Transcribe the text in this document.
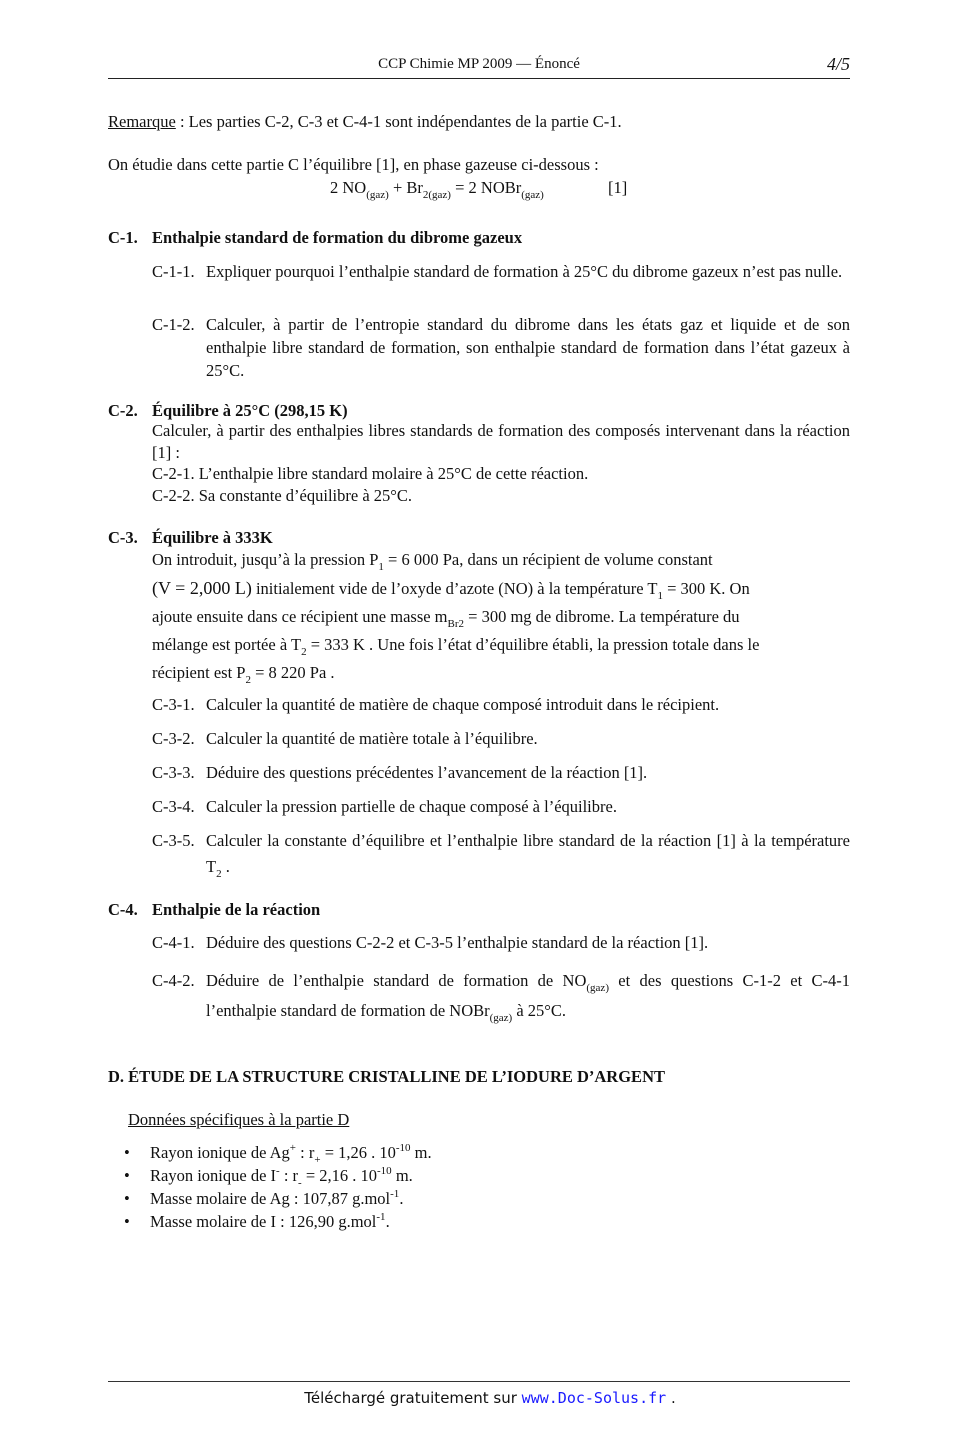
CCP Chimie MP 2009 — Énoncé	4/5
Remarque : Les parties C-2, C-3 et C-4-1 sont indépendantes de la partie C-1.
On étudie dans cette partie C l’équilibre [1], en phase gazeuse ci-dessous :
2 $NO_{(gaz)} + Br_{2(gaz)} = 2$ NOBr$_{(gaz)}$	[1]
C-1. Enthalpie standard de formation du dibrome gazeux
C-1-1. Expliquer pourquoi l’enthalpie standard de formation à 25°C du dibrome gazeux n’est pas nulle.
C-1-2. Calculer, à partir de l’entropie standard du dibrome dans les états gaz et liquide et de son enthalpie libre standard de formation, son enthalpie standard de formation dans l’état gazeux à 25°C.
C-2. Équilibre à 25°C (298,15 K)
Calculer, à partir des enthalpies libres standards de formation des composés intervenant dans la réaction [1] :
C-2-1. L’enthalpie libre standard molaire à 25°C de cette réaction.
C-2-2. Sa constante d’équilibre à 25°C.
C-3. Équilibre à 333K
On introduit, jusqu’à la pression $P_1 = 6$ 000 Pa, dans un récipient de volume constant
(V = 2,000 L) initialement vide de l’oxyde d’azote (NO) à la température $T_1 = 300$ K. On
ajoute ensuite dans ce récipient une masse $m_{Br2} = 300$ mg de dibrome. La température du
mélange est portée à $T_2 = 333$ K . Une fois l’état d’équilibre établi, la pression totale dans le
récipient est $P_2 = 8$ 220 Pa .
C-3-1. Calculer la quantité de matière de chaque composé introduit dans le récipient.
C-3-2. Calculer la quantité de matière totale à l’équilibre.
C-3-3. Déduire des questions précédentes l’avancement de la réaction [1].
C-3-4. Calculer la pression partielle de chaque composé à l’équilibre.
C-3-5. Calculer la constante d’équilibre et l’enthalpie libre standard de la réaction [1] à la température $T_2$ .
C-4. Enthalpie de la réaction
C-4-1. Déduire des questions C-2-2 et C-3-5 l’enthalpie standard de la réaction [1].
C-4-2. Déduire de l’enthalpie standard de formation de $NO_{(gaz)}$ et des questions C-1-2 et C-4-1 l’enthalpie standard de formation de NOBr$_{(gaz)}$ à 25°C.
D. ÉTUDE DE LA STRUCTURE CRISTALLINE DE L’IODURE D’ARGENT
Données spécifiques à la partie D
• Rayon ionique de Ag+ : $r_+ = 1,26$ . $10^{-10}$ m.
• Rayon ionique de I- : $r_- = 2,16$ . $10^{-10}$ m.
• Masse molaire de Ag : 107,87 g.mol$^{-1}$.
• Masse molaire de I : 126,90 g.mol$^{-1}$.
Téléchargé gratuitement sur www.Doc-Solus.fr .
